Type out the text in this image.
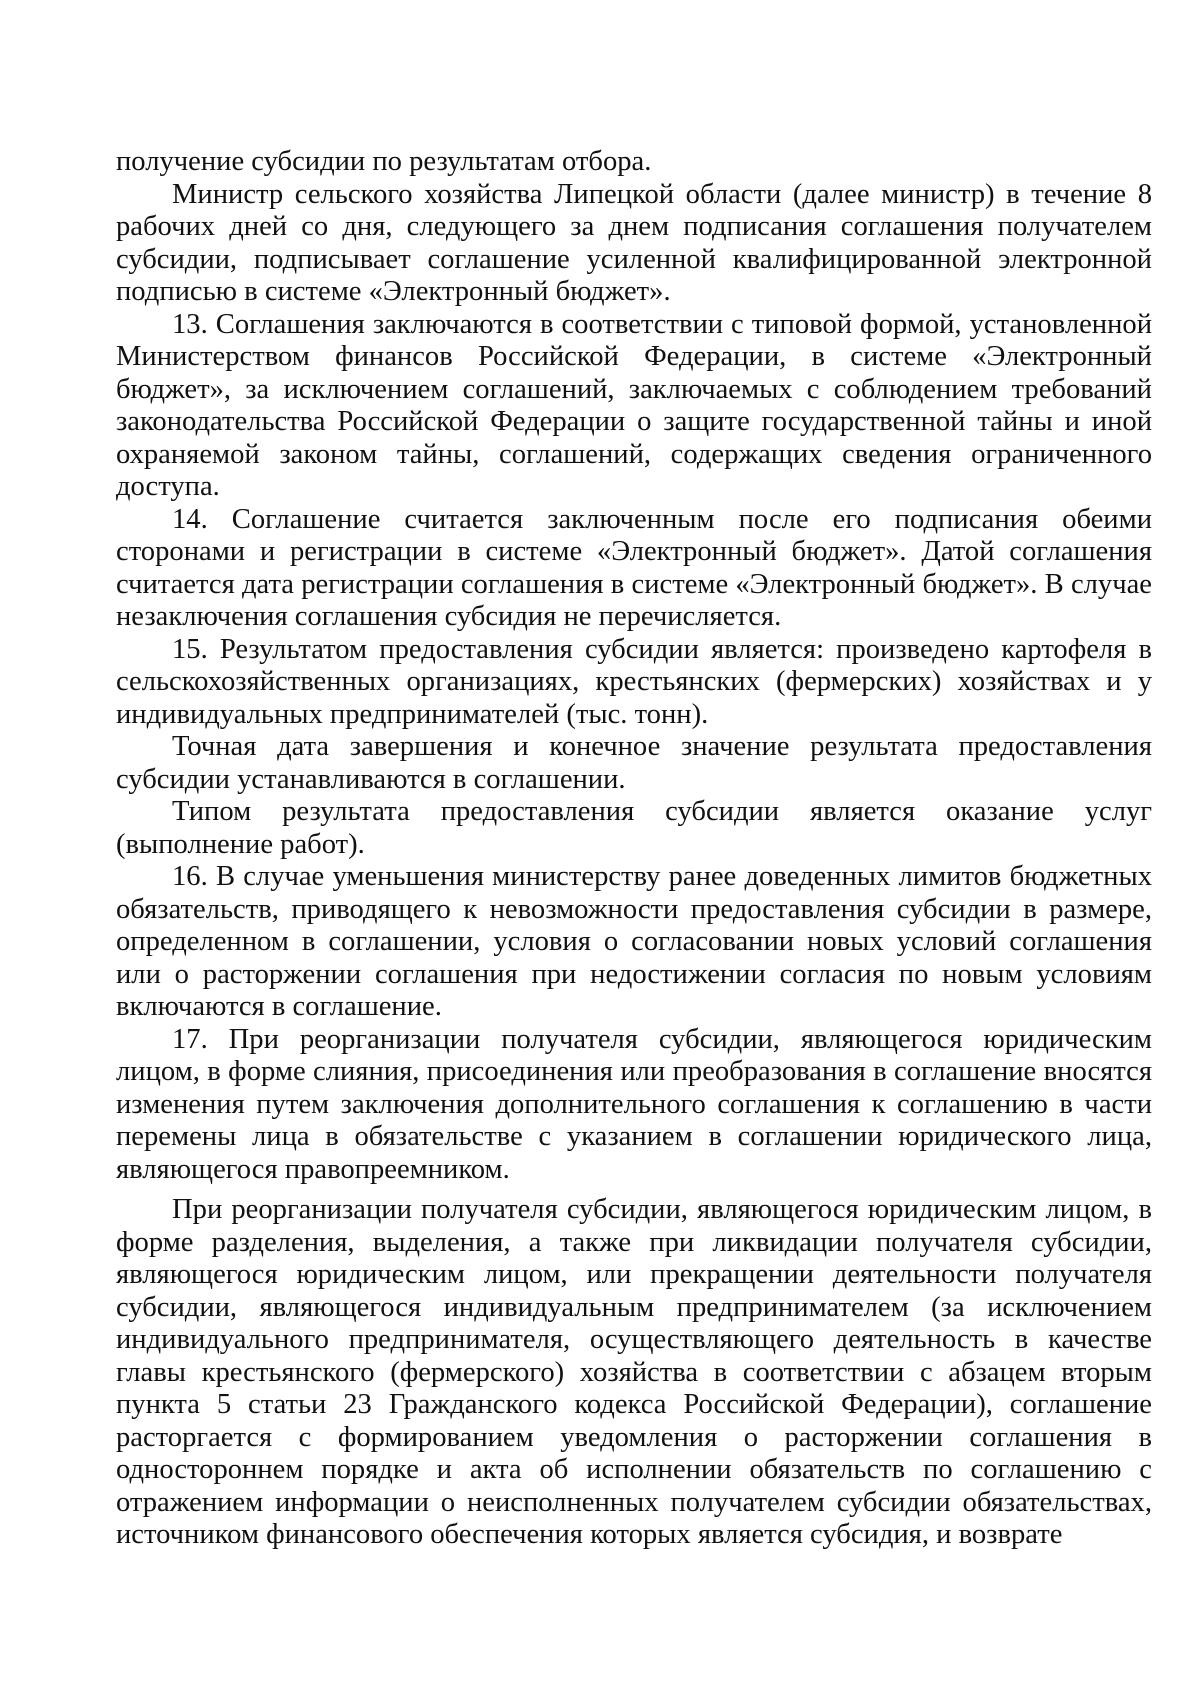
получение субсидии по результатам отбора.

Министр сельского хозяйства Липецкой области (далее министр) в течение 8 рабочих дней со дня, следующего за днем подписания соглашения получателем субсидии, подписывает соглашение усиленной квалифицированной электронной подписью в системе «Электронный бюджет».

13. Соглашения заключаются в соответствии с типовой формой, установленной Министерством финансов Российской Федерации, в системе «Электронный бюджет», за исключением соглашений, заключаемых с соблюдением требований законодательства Российской Федерации о защите государственной тайны и иной охраняемой законом тайны, соглашений, содержащих сведения ограниченного доступа.

14. Соглашение считается заключенным после его подписания обеими сторонами и регистрации в системе «Электронный бюджет». Датой соглашения считается дата регистрации соглашения в системе «Электронный бюджет». В случае незаключения соглашения субсидия не перечисляется.

15. Результатом предоставления субсидии является: произведено картофеля в сельскохозяйственных организациях, крестьянских (фермерских) хозяйствах и у индивидуальных предпринимателей (тыс. тонн).

Точная дата завершения и конечное значение результата предоставления субсидии устанавливаются в соглашении.

Типом результата предоставления субсидии является оказание услуг (выполнение работ).

16. В случае уменьшения министерству ранее доведенных лимитов бюджетных обязательств, приводящего к невозможности предоставления субсидии в размере, определенном в соглашении, условия о согласовании новых условий соглашения или о расторжении соглашения при недостижении согласия по новым условиям включаются в соглашение.

17. При реорганизации получателя субсидии, являющегося юридическим лицом, в форме слияния, присоединения или преобразования в соглашение вносятся изменения путем заключения дополнительного соглашения к соглашению в части перемены лица в обязательстве с указанием в соглашении юридического лица, являющегося правопреемником.

При реорганизации получателя субсидии, являющегося юридическим лицом, в форме разделения, выделения, а также при ликвидации получателя субсидии, являющегося юридическим лицом, или прекращении деятельности получателя субсидии, являющегося индивидуальным предпринимателем (за исключением индивидуального предпринимателя, осуществляющего деятельность в качестве главы крестьянского (фермерского) хозяйства в соответствии с абзацем вторым пункта 5 статьи 23 Гражданского кодекса Российской Федерации), соглашение расторгается с формированием уведомления о расторжении соглашения в одностороннем порядке и акта об исполнении обязательств по соглашению с отражением информации о неисполненных получателем субсидии обязательствах, источником финансового обеспечения которых является субсидия, и возврате
